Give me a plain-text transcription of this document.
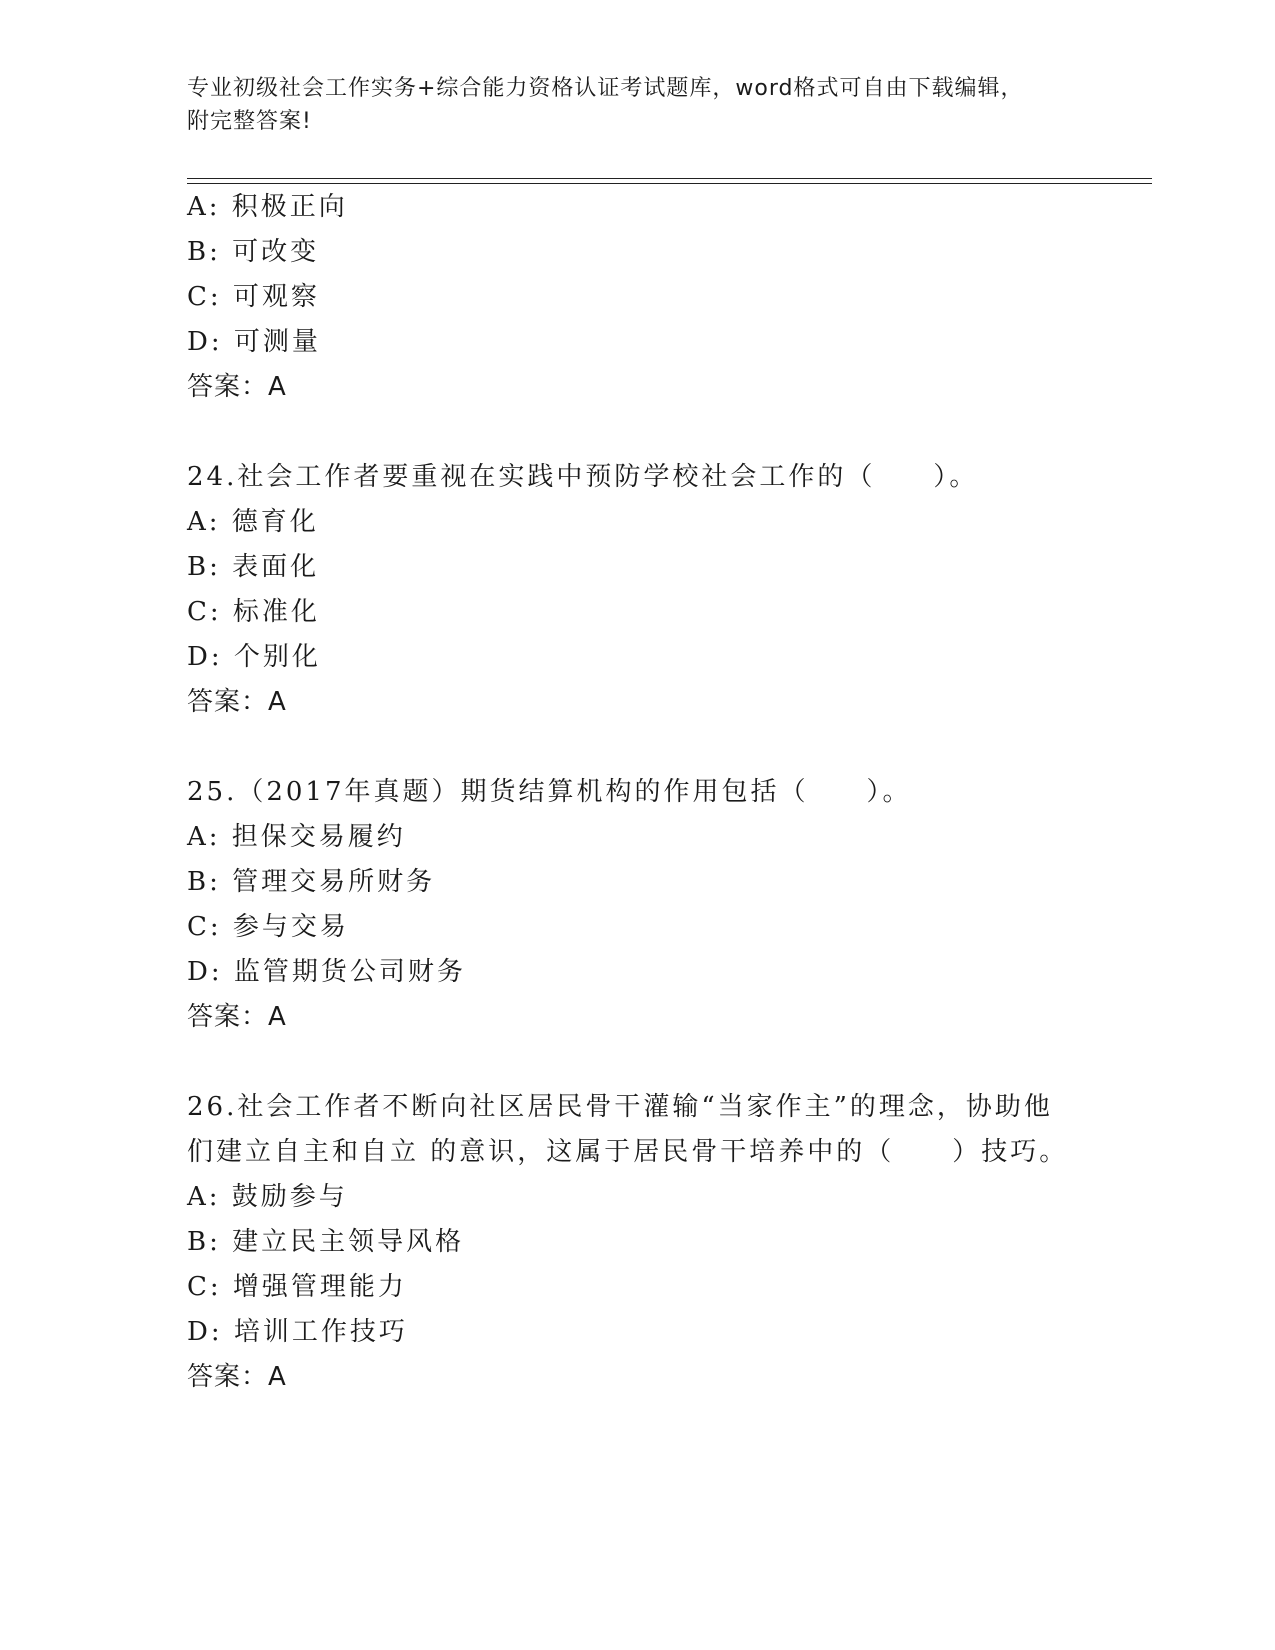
专业初级社会工作实务+综合能力资格认证考试题库，word格式可自由下载编辑，
附完整答案!
A: 积极正向
B: 可改变
C: 可观察
D: 可测量
答案：A
24.社会工作者要重视在实践中预防学校社会工作的（　　）。
A: 德育化
B: 表面化
C: 标准化
D: 个别化
答案：A
25.（2017年真题）期货结算机构的作用包括（　　）。
A: 担保交易履约
B: 管理交易所财务
C: 参与交易
D: 监管期货公司财务
答案：A
26.社会工作者不断向社区居民骨干灌输“当家作主”的理念，协助他
们建立自主和自立 的意识，这属于居民骨干培养中的（　　）技巧。
A: 鼓励参与
B: 建立民主领导风格
C: 增强管理能力
D: 培训工作技巧
答案：A
